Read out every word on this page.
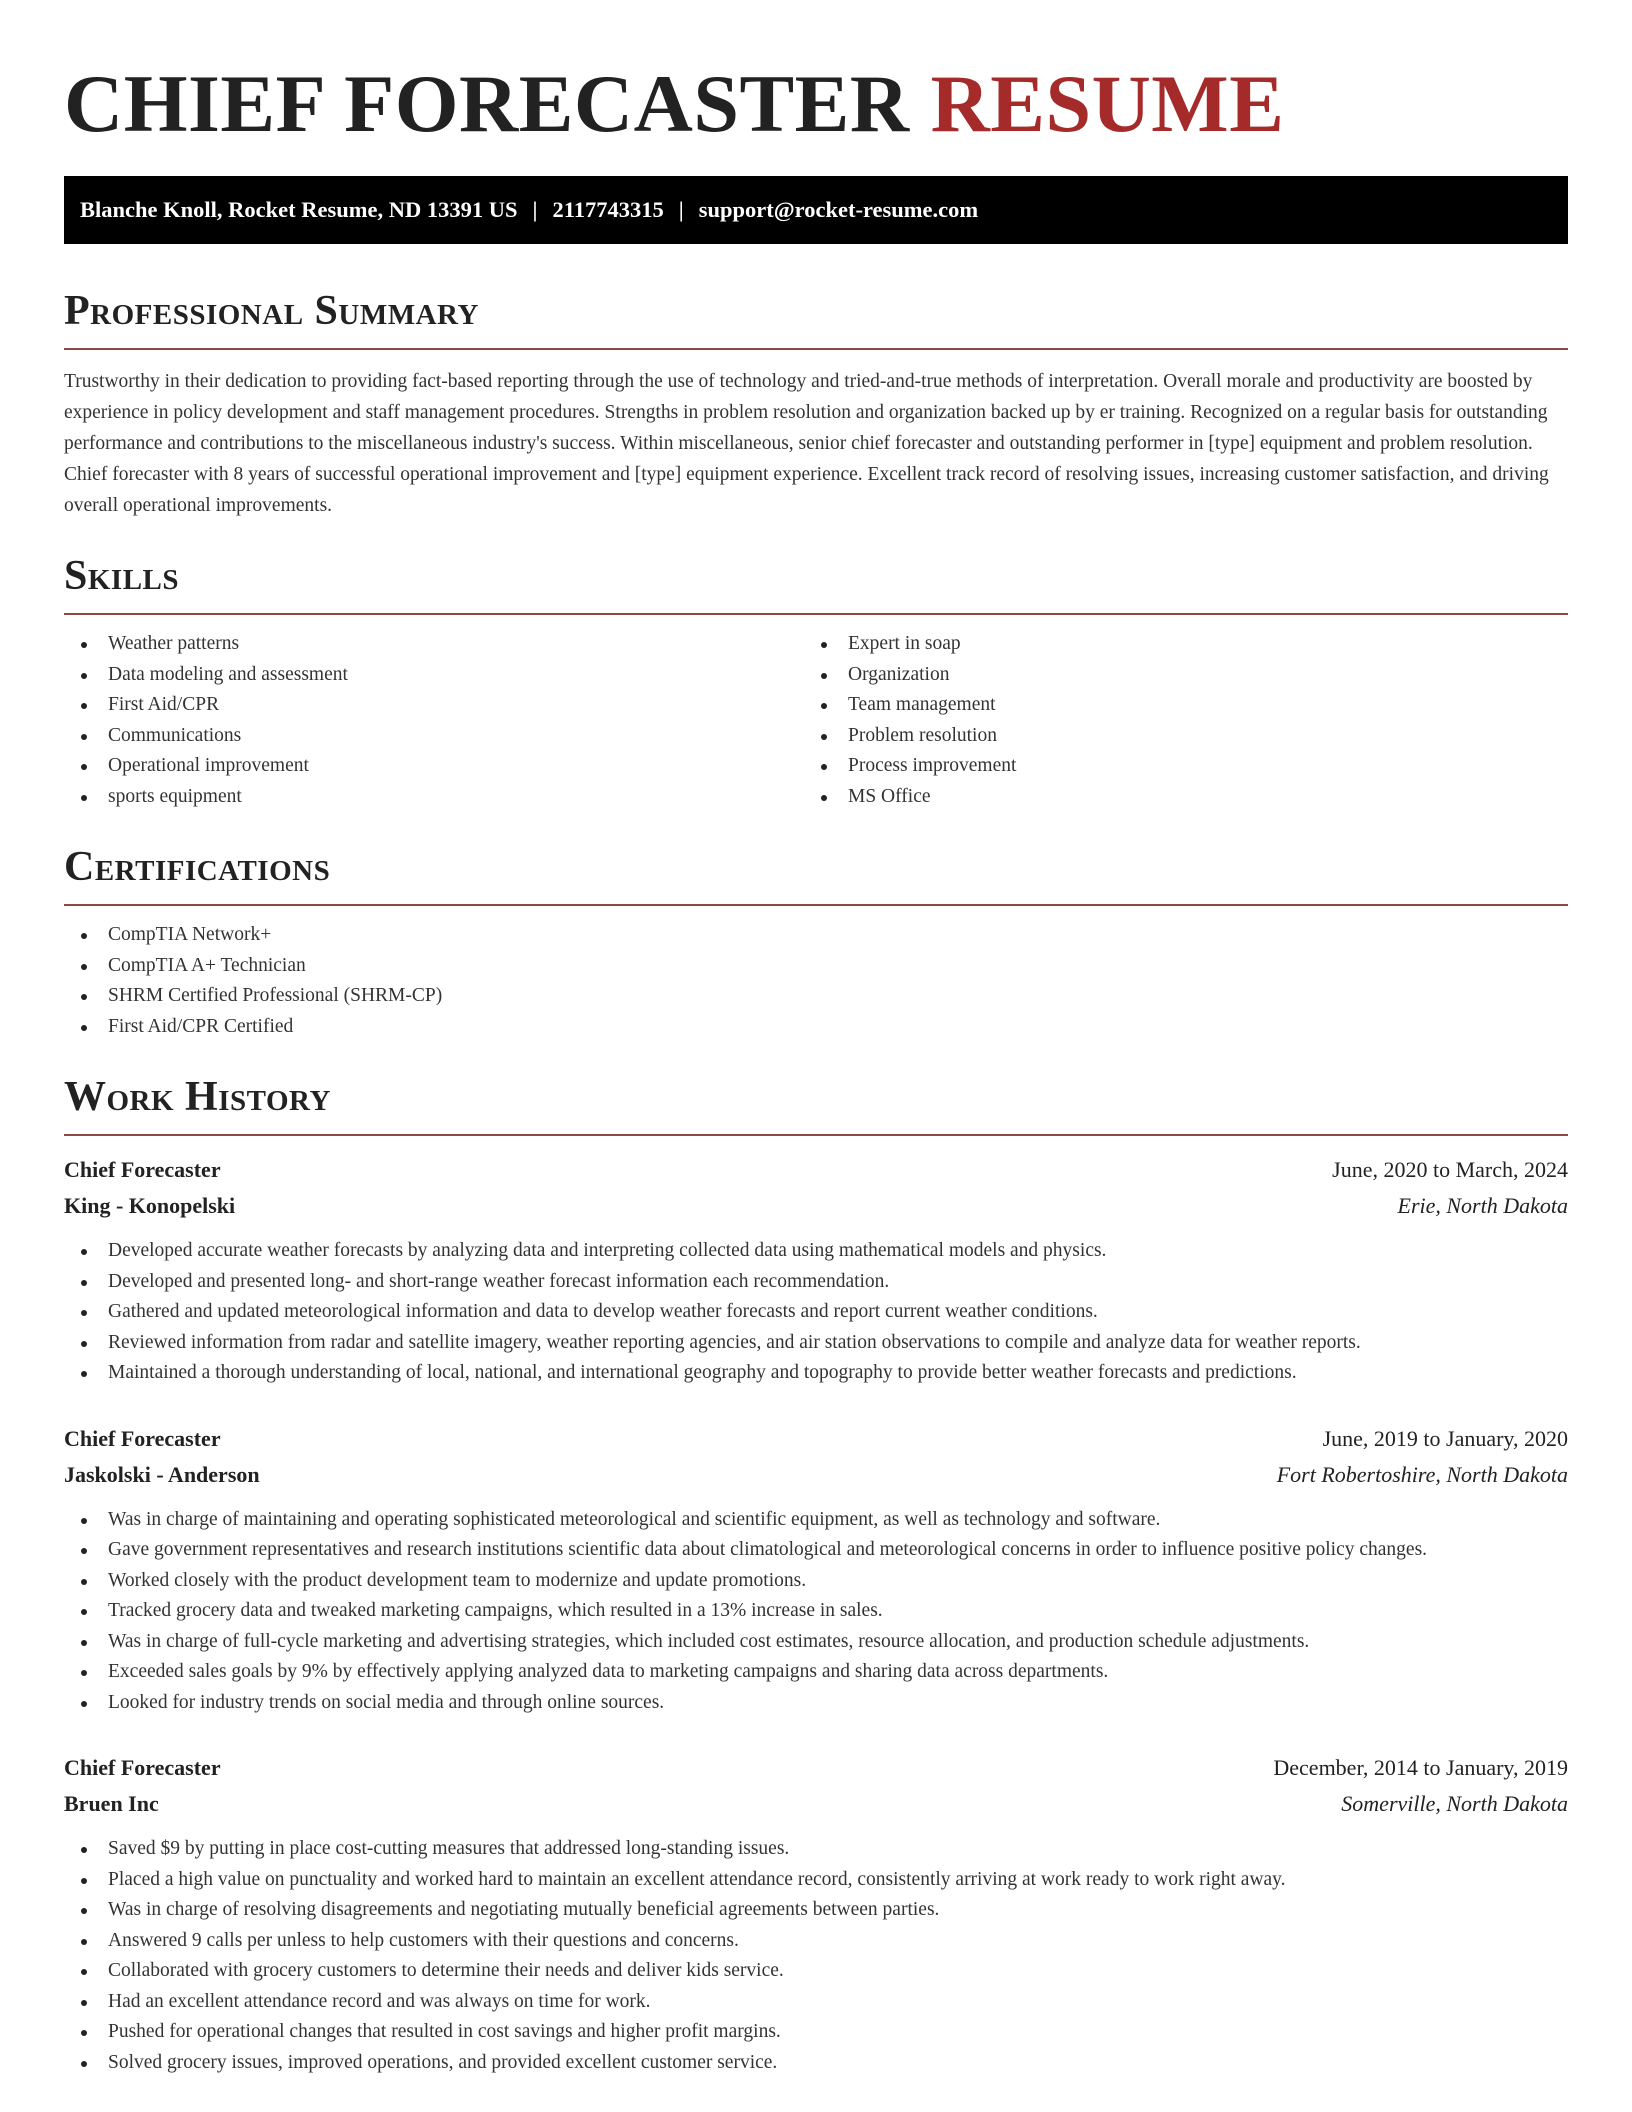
CHIEF FORECASTER RESUME
Blanche Knoll, Rocket Resume, ND 13391 US | 2117743315 | support@rocket-resume.com
Professional Summary

Trustworthy in their dedication to providing fact-based reporting through the use of technology and tried-and-true methods of interpretation. Overall morale and productivity are boosted by experience in policy development and staff management procedures. Strengths in problem resolution and organization backed up by er training. Recognized on a regular basis for outstanding performance and contributions to the miscellaneous industry's success. Within miscellaneous, senior chief forecaster and outstanding performer in [type] equipment and problem resolution. Chief forecaster with 8 years of successful operational improvement and [type] equipment experience. Excellent track record of resolving issues, increasing customer satisfaction, and driving overall operational improvements.

Skills
Weather patterns
Data modeling and assessment
First Aid/CPR
Communications
Operational improvement
sports equipment
Expert in soap
Organization
Team management
Problem resolution
Process improvement
MS Office
Certifications
CompTIA Network+
CompTIA A+ Technician
SHRM Certified Professional (SHRM-CP)
First Aid/CPR Certified
Work History
Chief Forecaster	June, 2020 to March, 2024
King - Konopelski	Erie, North Dakota
Developed accurate weather forecasts by analyzing data and interpreting collected data using mathematical models and physics.
Developed and presented long- and short-range weather forecast information each recommendation.
Gathered and updated meteorological information and data to develop weather forecasts and report current weather conditions.
Reviewed information from radar and satellite imagery, weather reporting agencies, and air station observations to compile and analyze data for weather reports.
Maintained a thorough understanding of local, national, and international geography and topography to provide better weather forecasts and predictions.
Chief Forecaster	June, 2019 to January, 2020
Jaskolski - Anderson	Fort Robertoshire, North Dakota
Was in charge of maintaining and operating sophisticated meteorological and scientific equipment, as well as technology and software.
Gave government representatives and research institutions scientific data about climatological and meteorological concerns in order to influence positive policy changes.
Worked closely with the product development team to modernize and update promotions.
Tracked grocery data and tweaked marketing campaigns, which resulted in a 13% increase in sales.
Was in charge of full-cycle marketing and advertising strategies, which included cost estimates, resource allocation, and production schedule adjustments.
Exceeded sales goals by 9% by effectively applying analyzed data to marketing campaigns and sharing data across departments.
Looked for industry trends on social media and through online sources.
Chief Forecaster	December, 2014 to January, 2019
Bruen Inc	Somerville, North Dakota
Saved $9 by putting in place cost-cutting measures that addressed long-standing issues.
Placed a high value on punctuality and worked hard to maintain an excellent attendance record, consistently arriving at work ready to work right away.
Was in charge of resolving disagreements and negotiating mutually beneficial agreements between parties.
Answered 9 calls per unless to help customers with their questions and concerns.
Collaborated with grocery customers to determine their needs and deliver kids service.
Had an excellent attendance record and was always on time for work.
Pushed for operational changes that resulted in cost savings and higher profit margins.
Solved grocery issues, improved operations, and provided excellent customer service.
